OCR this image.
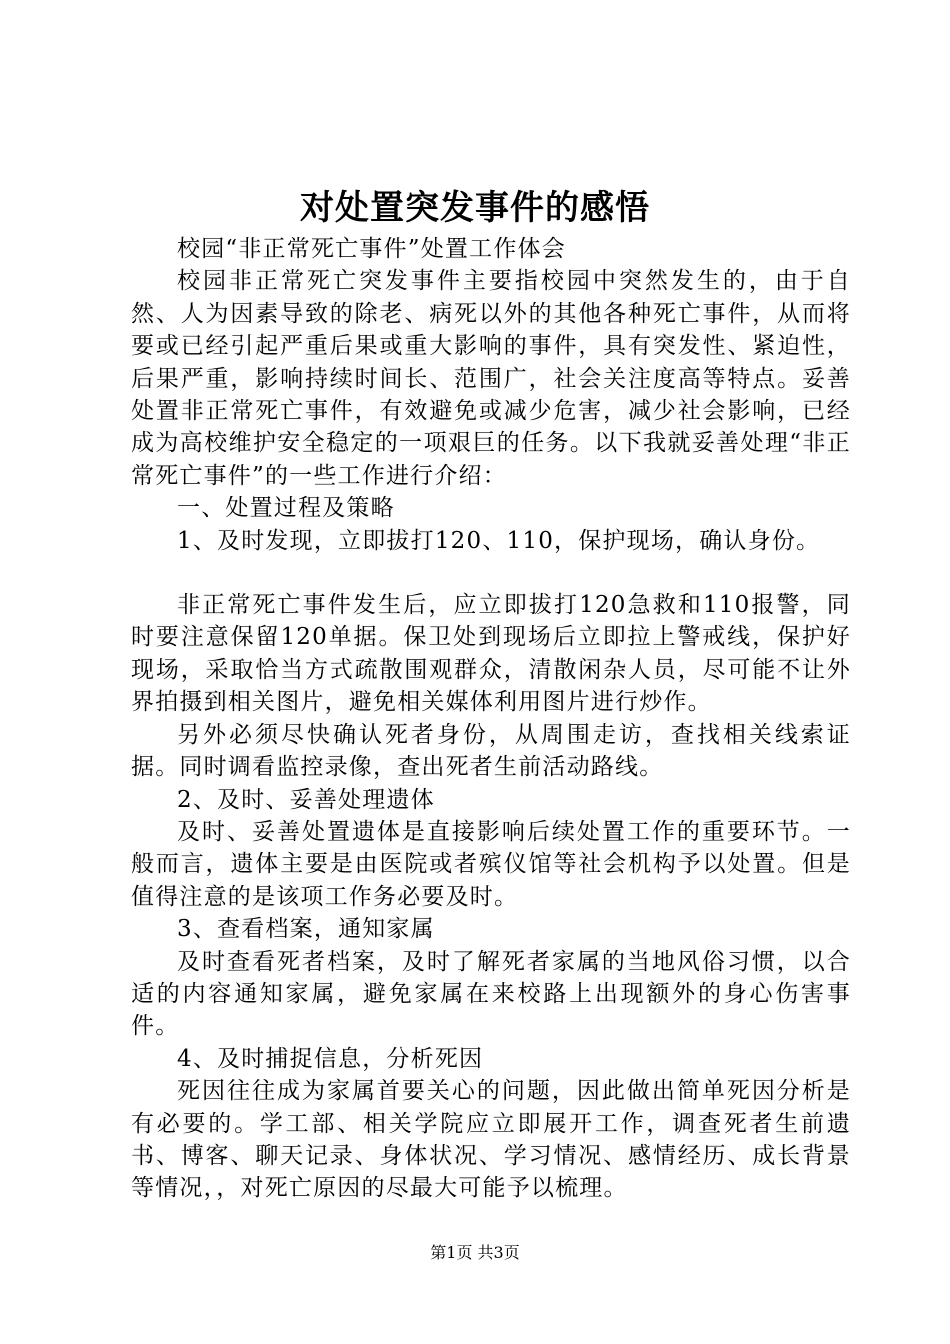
对处置突发事件的感悟

校园“非正常死亡事件”处置工作体会

校园非正常死亡突发事件主要指校园中突然发生的，由于自然、人为因素导致的除老、病死以外的其他各种死亡事件，从而将要或已经引起严重后果或重大影响的事件，具有突发性、紧迫性，后果严重，影响持续时间长、范围广，社会关注度高等特点。妥善处置非正常死亡事件，有效避免或减少危害，减少社会影响，已经成为高校维护安全稳定的一项艰巨的任务。以下我就妥善处理“非正常死亡事件”的一些工作进行介绍：

一、处置过程及策略

1、及时发现，立即拔打120、110，保护现场，确认身份。

非正常死亡事件发生后，应立即拔打120急救和110报警，同时要注意保留120单据。保卫处到现场后立即拉上警戒线，保护好现场，采取恰当方式疏散围观群众，清散闲杂人员，尽可能不让外界拍摄到相关图片，避免相关媒体利用图片进行炒作。

另外必须尽快确认死者身份，从周围走访，查找相关线索证据。同时调看监控录像，查出死者生前活动路线。

2、及时、妥善处理遗体

及时、妥善处置遗体是直接影响后续处置工作的重要环节。一般而言，遗体主要是由医院或者殡仪馆等社会机构予以处置。但是值得注意的是该项工作务必要及时。

3、查看档案，通知家属

及时查看死者档案，及时了解死者家属的当地风俗习惯，以合适的内容通知家属，避免家属在来校路上出现额外的身心伤害事件。

4、及时捕捉信息，分析死因

死因往往成为家属首要关心的问题，因此做出简单死因分析是有必要的。学工部、相关学院应立即展开工作，调查死者生前遗书、博客、聊天记录、身体状况、学习情况、感情经历、成长背景等情况，，对死亡原因的尽最大可能予以梳理。

第1页 共3页
